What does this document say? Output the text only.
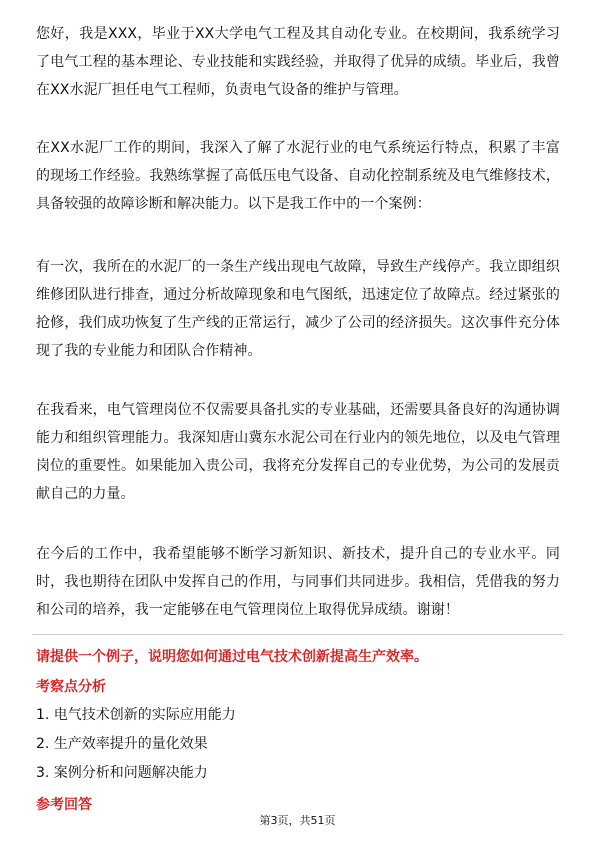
您好，我是XXX，毕业于XX大学电气工程及其自动化专业。在校期间，我系统学习了电气工程的基本理论、专业技能和实践经验，并取得了优异的成绩。毕业后，我曾在XX水泥厂担任电气工程师，负责电气设备的维护与管理。

在XX水泥厂工作的期间，我深入了解了水泥行业的电气系统运行特点，积累了丰富的现场工作经验。我熟练掌握了高低压电气设备、自动化控制系统及电气维修技术，具备较强的故障诊断和解决能力。以下是我工作中的一个案例：

有一次，我所在的水泥厂的一条生产线出现电气故障，导致生产线停产。我立即组织维修团队进行排查，通过分析故障现象和电气图纸，迅速定位了故障点。经过紧张的抢修，我们成功恢复了生产线的正常运行，减少了公司的经济损失。这次事件充分体现了我的专业能力和团队合作精神。

在我看来，电气管理岗位不仅需要具备扎实的专业基础，还需要具备良好的沟通协调能力和组织管理能力。我深知唐山冀东水泥公司在行业内的领先地位，以及电气管理岗位的重要性。如果能加入贵公司，我将充分发挥自己的专业优势，为公司的发展贡献自己的力量。

在今后的工作中，我希望能够不断学习新知识、新技术，提升自己的专业水平。同时，我也期待在团队中发挥自己的作用，与同事们共同进步。我相信，凭借我的努力和公司的培养，我一定能够在电气管理岗位上取得优异成绩。谢谢！

请提供一个例子，说明您如何通过电气技术创新提高生产效率。

考察点分析

1. 电气技术创新的实际应用能力

2. 生产效率提升的量化效果

3. 案例分析和问题解决能力

参考回答

第3页，共51页
